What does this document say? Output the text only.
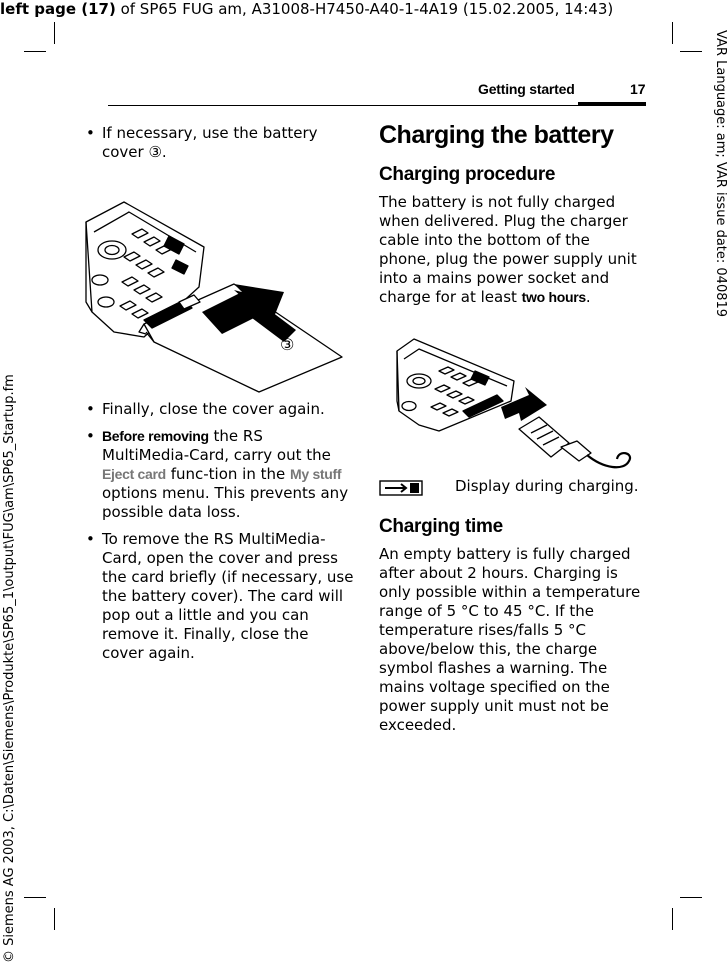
left page (17) of SP65 FUG am, A31008-H7450-A40-1-4A19 (15.02.2005, 14:43)
VAR Language: am; VAR issue date: 040819
© Siemens AG 2003, C:\Daten\Siemens\Produkte\SP65_1\output\FUG\am\SP65_Startup.fm
Getting started	17
• If necessary, use the battery cover ③.
③
• Finally, close the cover again.
• Before removing the RS MultiMedia-Card, carry out the Eject card func-tion in the My stuff options menu. This prevents any possible data loss.
• To remove the RS MultiMedia-Card, open the cover and press the card briefly (if necessary, use the battery cover). The card will pop out a little and you can remove it. Finally, close the cover again.
Charging the battery
Charging procedure

The battery is not fully charged when delivered. Plug the charger cable into the bottom of the phone, plug the power supply unit into a mains power socket and charge for at least two hours.

Display during charging.
Charging time

An empty battery is fully charged after about 2 hours. Charging is only possible within a temperature range of 5 °C to 45 °C. If the temperature rises/falls 5 °C above/below this, the charge symbol flashes a warning. The mains voltage specified on the power supply unit must not be exceeded.
